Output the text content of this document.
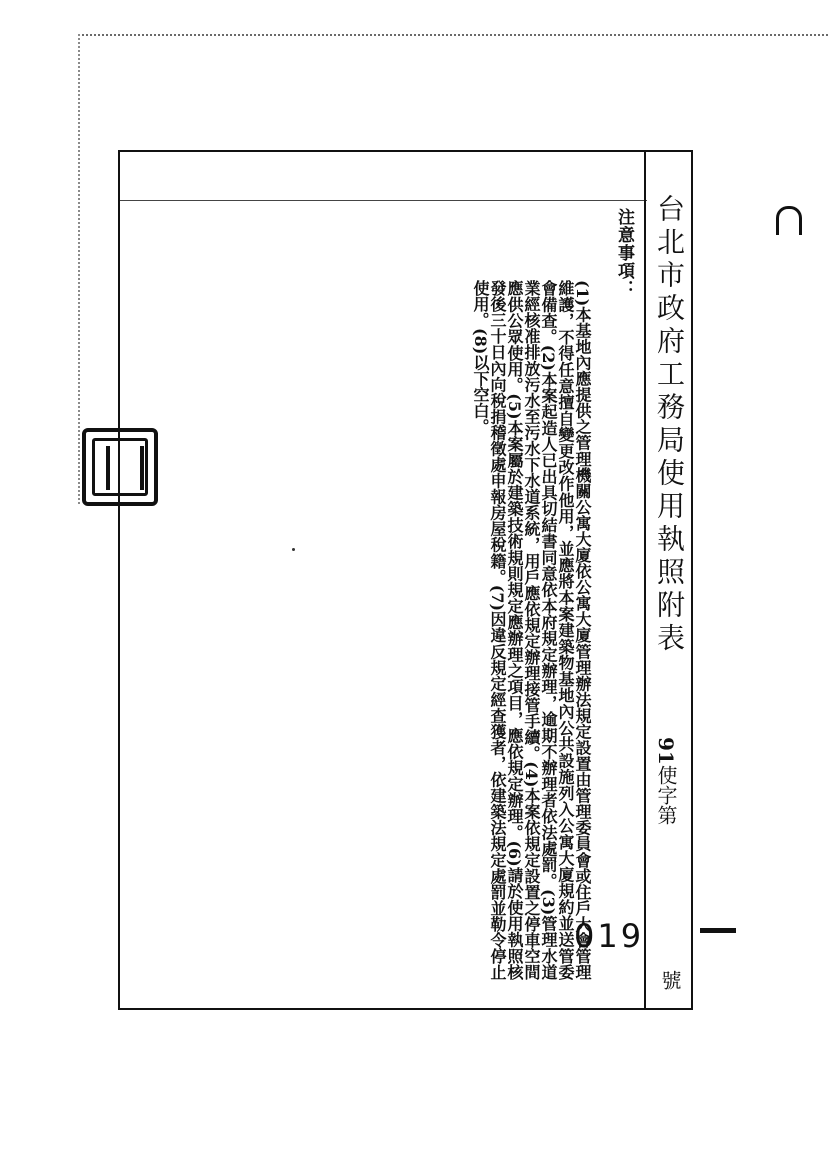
台北市政府工務局使用執照附表
91使字第
019
號
注意事項：
(1)本基地內應提供之管理機關公寓大廈依公寓大廈管理辦法規定設置由管理委員會或住戶大會管理維護，不得任意擅自變更改作他用，並應將本案建築物基地內公共設施列入公寓大廈規約並送管委會備查。(2)本案起造人已出具切結書同意依本府規定辦理，逾期不辦理者依法處罰。(3)管理水道業經核准排放污水至污水下水道系統，用戶應依規定辦理接管手續。(4)本案依規定設置之停車空間應供公眾使用。(5)本案屬於建築技術規則規定應辦理之項目，應依規定辦理。(6)請於使用執照核發後三十日內向稅捐稽徵處申報房屋稅籍。(7)因違反規定經查獲者，依建築法規定處罰並勒令停止使用。(8)以下空白。
